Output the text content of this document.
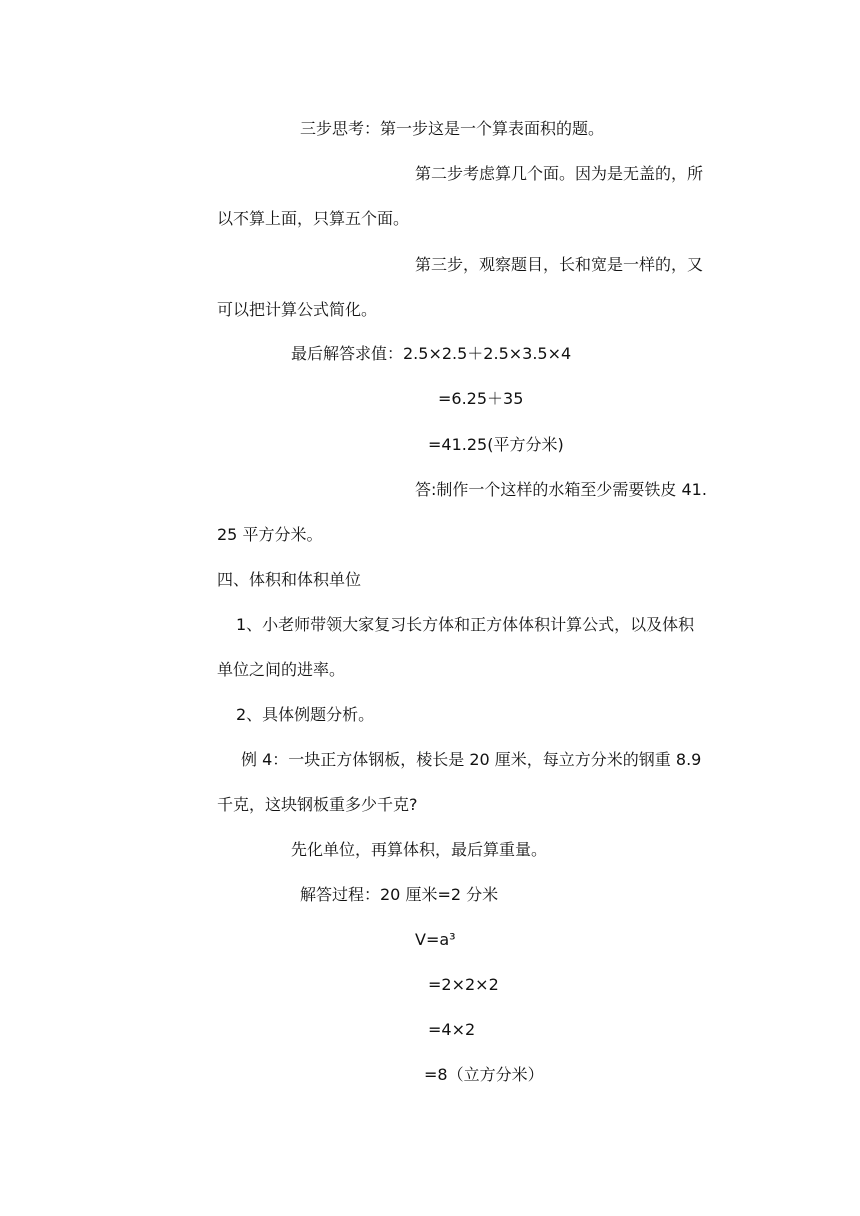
三步思考：第一步这是一个算表面积的题。
第二步考虑算几个面。因为是无盖的，所
以不算上面，只算五个面。
第三步，观察题目，长和宽是一样的，又
可以把计算公式简化。
最后解答求值：2.5×2.5＋2.5×3.5×4
=6.25＋35
=41.25(平方分米)
答:制作一个这样的水箱至少需要铁皮 41.
25 平方分米。
四、体积和体积单位
1、小老师带领大家复习长方体和正方体体积计算公式，以及体积
单位之间的进率。
2、具体例题分析。
例 4：一块正方体钢板，棱长是 20 厘米，每立方分米的钢重 8.9
千克，这块钢板重多少千克?
先化单位，再算体积，最后算重量。
解答过程：20 厘米=2 分米
V=a³
=2×2×2
=4×2
=8（立方分米）
